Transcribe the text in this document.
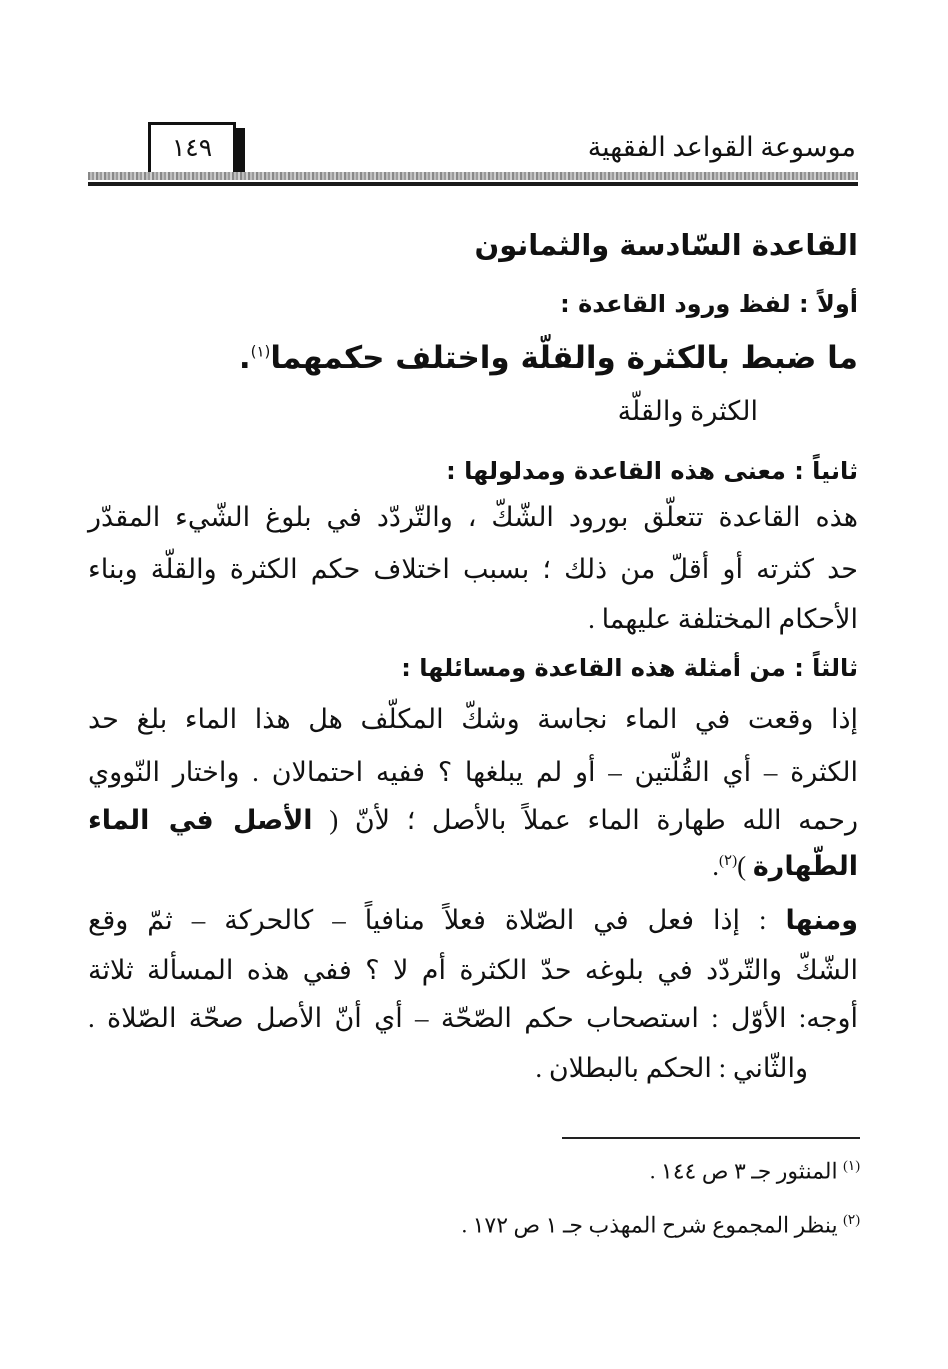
موسوعة القواعد الفقهية
١٤٩
القاعدة السّادسة والثمانون
أولاً : لفظ ورود القاعدة :
ما ضبط بالكثرة والقلّة واختلف حكمهما$^{(١)}$.
الكثرة والقلّة
ثانياً : معنى هذه القاعدة ومدلولها :
هذه القاعدة تتعلّق بورود الشّكّ ، والتّردّد في بلوغ الشّيء المقدّر
حد كثرته أو أقلّ من ذلك ؛ بسبب اختلاف حكم الكثرة والقلّة وبناء
الأحكام المختلفة عليهما .
ثالثاً : من أمثلة هذه القاعدة ومسائلها :
إذا وقعت في الماء نجاسة وشكّ المكلّف هل هذا الماء بلغ حد
الكثرة – أي القُلّتين – أو لم يبلغها ؟ ففيه احتمالان . واختار النّووي
رحمه الله طهارة الماء عملاً بالأصل ؛ لأنّ ( الأصل في الماء
الطّهارة )$^{(٢)}$.
ومنها : إذا فعل في الصّلاة فعلاً منافياً – كالحركة – ثمّ وقع
الشّكّ والتّردّد في بلوغه حدّ الكثرة أم لا ؟ ففي هذه المسألة ثلاثة
أوجه: الأوّل : استصحاب حكم الصّحّة – أي أنّ الأصل صحّة الصّلاة .
والثّاني : الحكم بالبطلان .
$^{(١)}$ المنثور جـ ٣ ص ١٤٤ .
$^{(٢)}$ ينظر المجموع شرح المهذب جـ ١ ص ١٧٢ .
